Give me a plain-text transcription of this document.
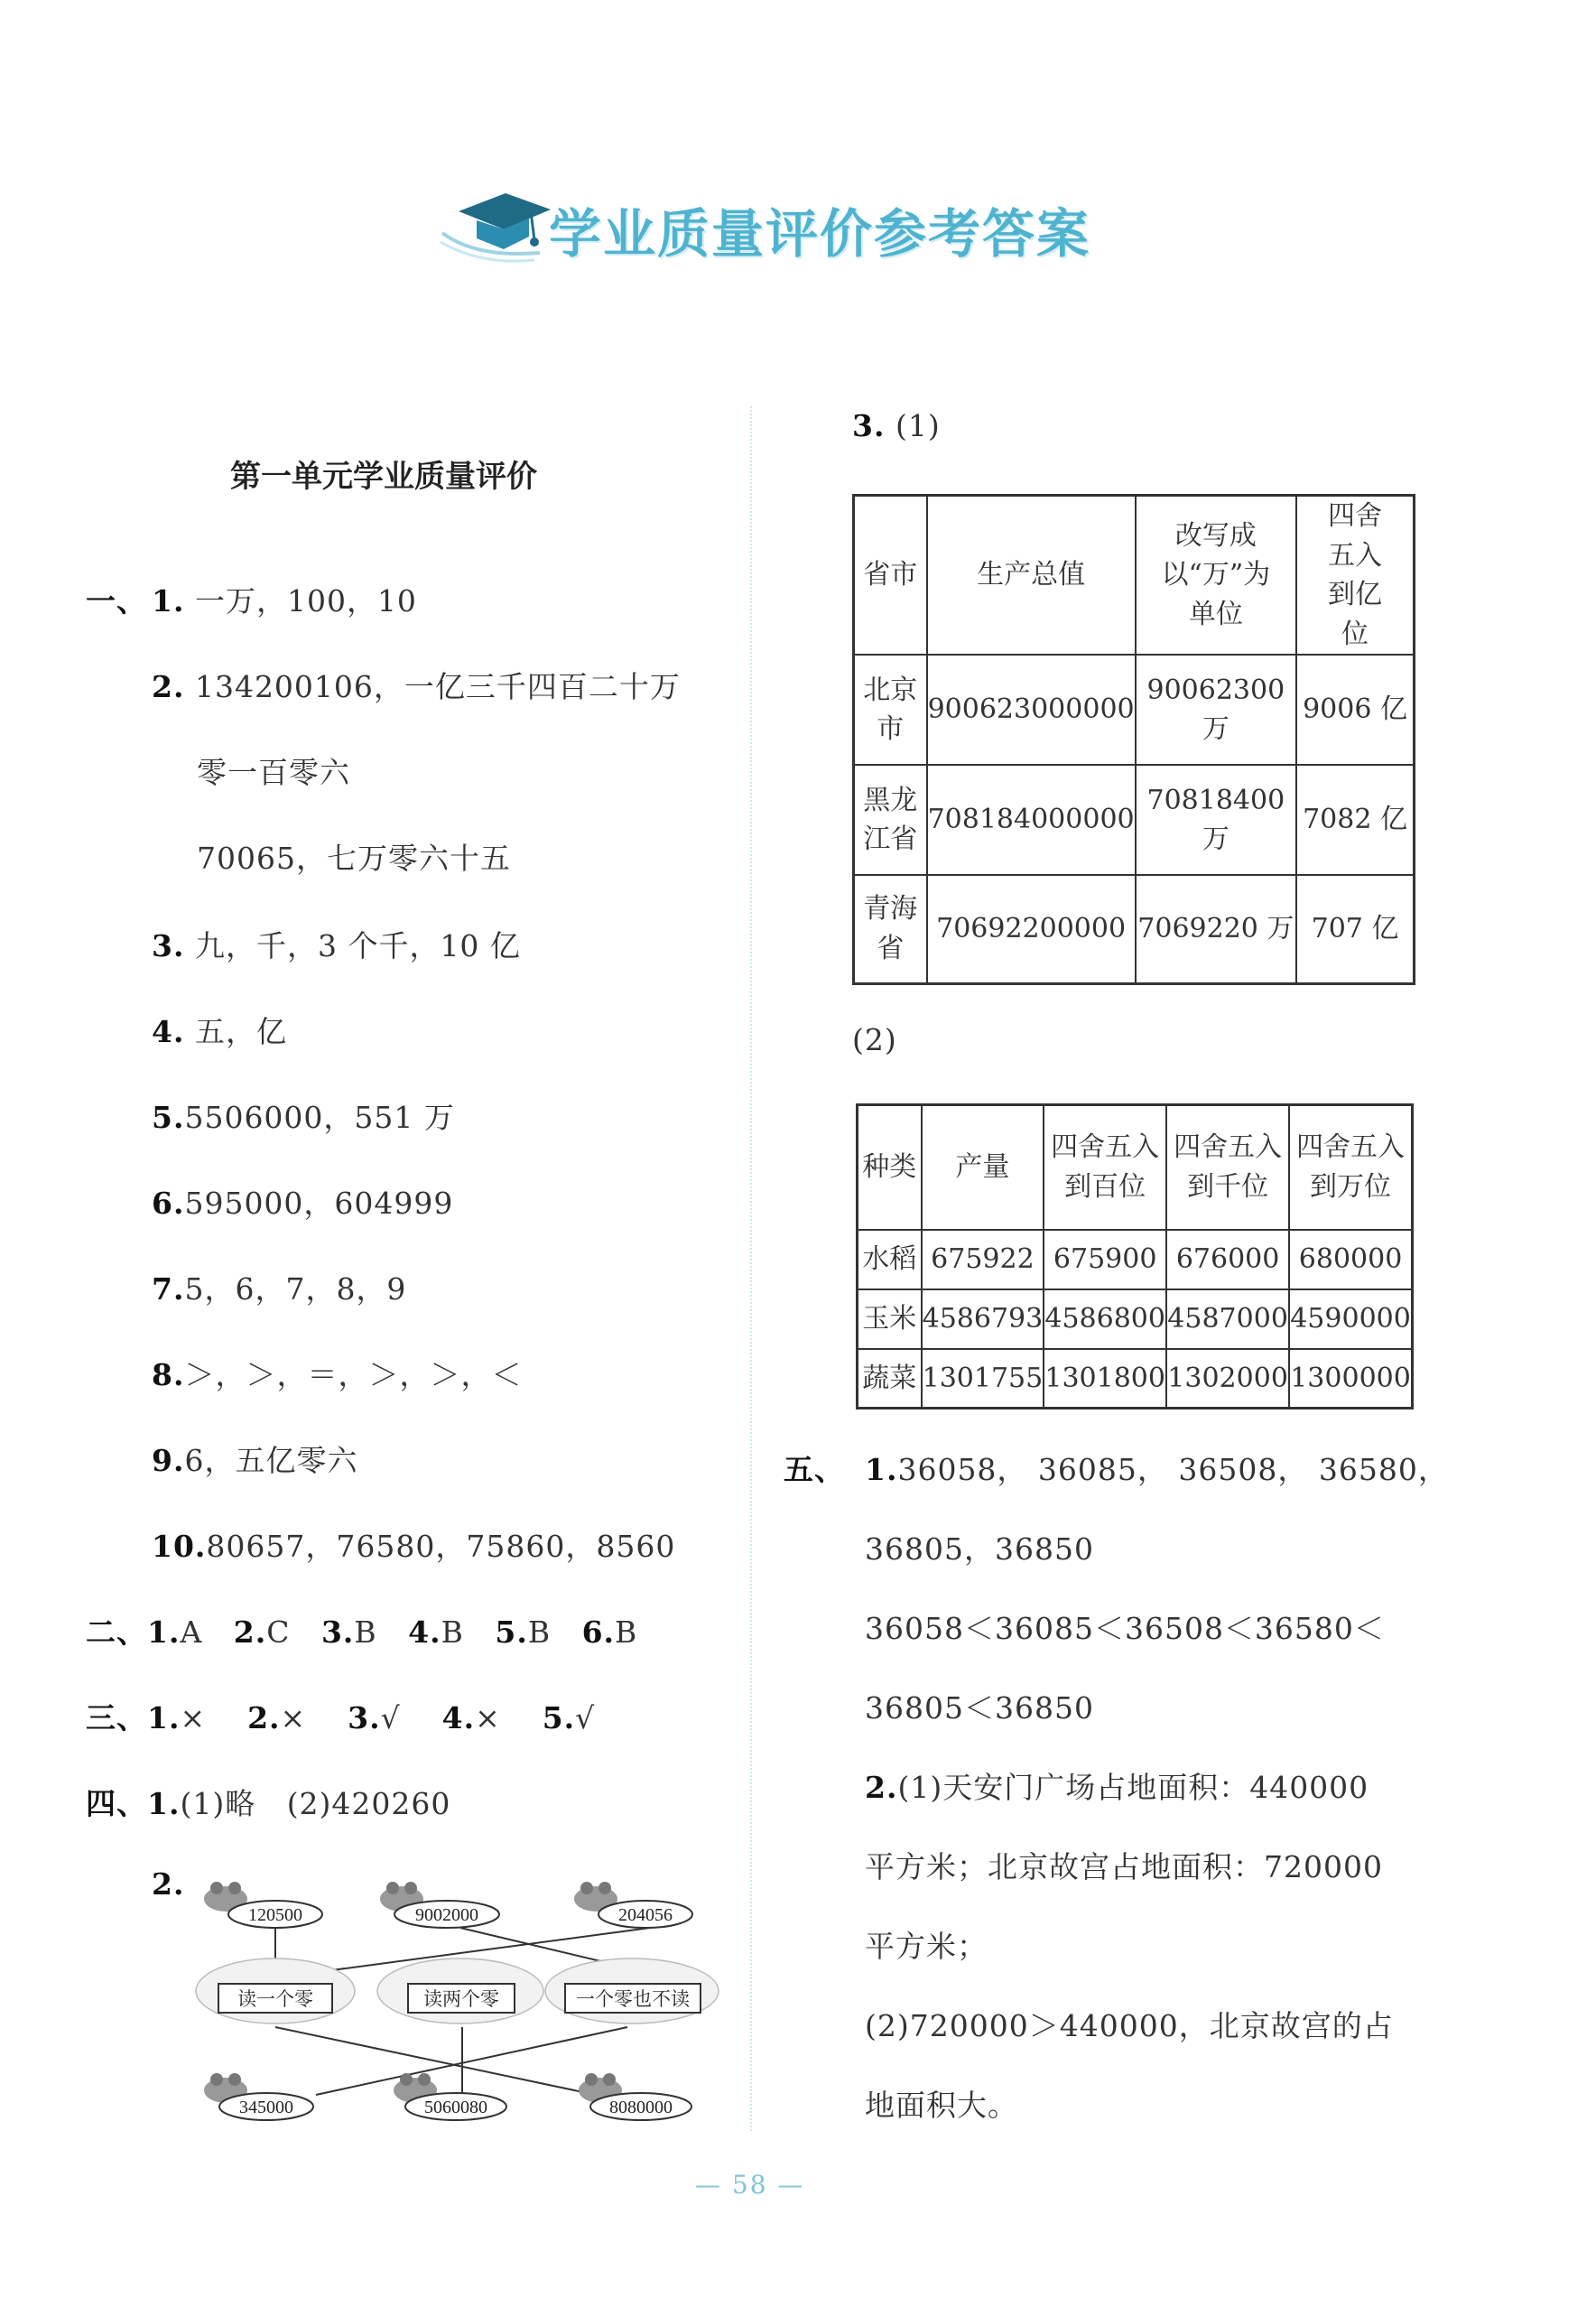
学业质量评价参考答案
第一单元学业质量评价
一、 1. 一万，100，10
2. 134200106，一亿三千四百二十万
零一百零六
70065，七万零六十五
3. 九，千，3 个千，10 亿
4. 五，亿
5.5506000，551 万
6.595000，604999
7.5，6，7，8，9
8.＞，＞，＝，＞，＞，＜
9.6，五亿零六
10.80657，76580，75860，8560
二、1.A 2.C 3.B 4.B 5.B 6.B
三、1.× 2.× 3.√ 4.× 5.√
四、1.(1)略 (2)420260
2.
120500	9002000	204056
读一个零	读两个零	一个零也不读
345000	5060080	8080000
3. (1)
省市	生产总值	改写成以“万”为单位	四舍五入到亿位

北京市	900623000000	90062300 万	9006 亿

黑龙江省	708184000000	70818400 万	7082 亿

青海省	70692200000	7069220 万	707 亿
(2)
种类	产量	四舍五入到百位	四舍五入到千位	四舍五入到万位

水稻	675922	675900	676000	680000
玉米	4586793	4586800	4587000	4590000
蔬菜	1301755	1301800	1302000	1300000
五、 1.36058， 36085， 36508， 36580，
36805，36850
36058＜36085＜36508＜36580＜
36805＜36850
2.(1)天安门广场占地面积：440000
平方米；北京故宫占地面积：720000
平方米；
(2)720000＞440000，北京故宫的占
地面积大。
— 58 —
